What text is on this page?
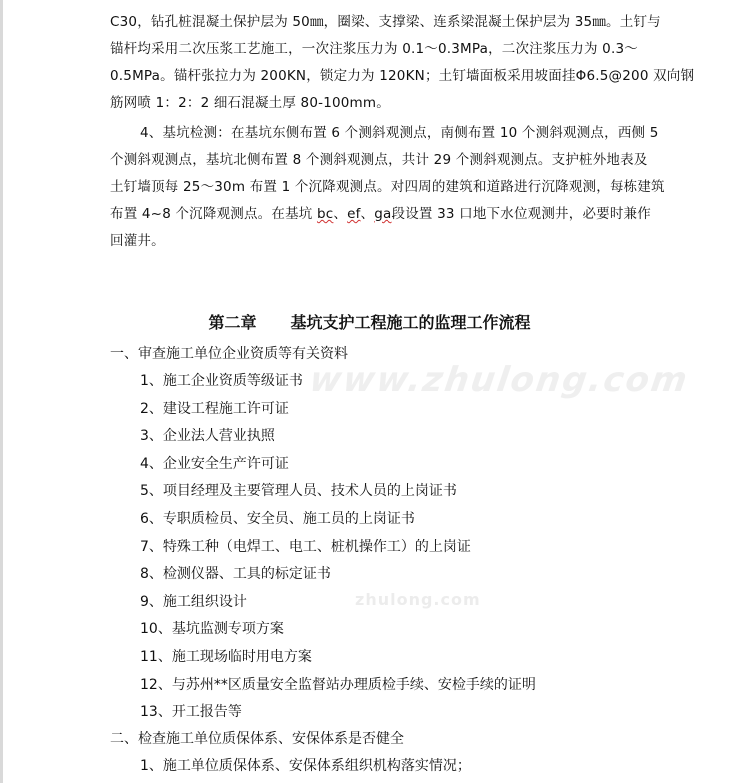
www.zhulong.com
zhulong.com
C30，钻孔桩混凝土保护层为 50㎜，圈梁、支撑梁、连系梁混凝土保护层为 35㎜。土钉与
锚杆均采用二次压浆工艺施工，一次注浆压力为 0.1～0.3MPa，二次注浆压力为 0.3～
0.5MPa。锚杆张拉力为 200KN，锁定力为 120KN；土钉墙面板采用坡面挂Φ6.5@200 双向钢
筋网喷 1：2：2 细石混凝土厚 80-100mm。
4、基坑检测：在基坑东侧布置 6 个测斜观测点，南侧布置 10 个测斜观测点，西侧 5
个测斜观测点，基坑北侧布置 8 个测斜观测点，共计 29 个测斜观测点。支护桩外地表及
土钉墙顶每 25～30m 布置 1 个沉降观测点。对四周的建筑和道路进行沉降观测，每栋建筑
布置 4~8 个沉降观测点。在基坑 bc、ef、ga段设置 33 口地下水位观测井，必要时兼作
回灌井。
第二章 基坑支护工程施工的监理工作流程
一、审查施工单位企业资质等有关资料
1、施工企业资质等级证书
2、建设工程施工许可证
3、企业法人营业执照
4、企业安全生产许可证
5、项目经理及主要管理人员、技术人员的上岗证书
6、专职质检员、安全员、施工员的上岗证书
7、特殊工种（电焊工、电工、桩机操作工）的上岗证
8、检测仪器、工具的标定证书
9、施工组织设计
10、基坑监测专项方案
11、施工现场临时用电方案
12、与苏州**区质量安全监督站办理质检手续、安检手续的证明
13、开工报告等
二、检查施工单位质保体系、安保体系是否健全
1、施工单位质保体系、安保体系组织机构落实情况；
